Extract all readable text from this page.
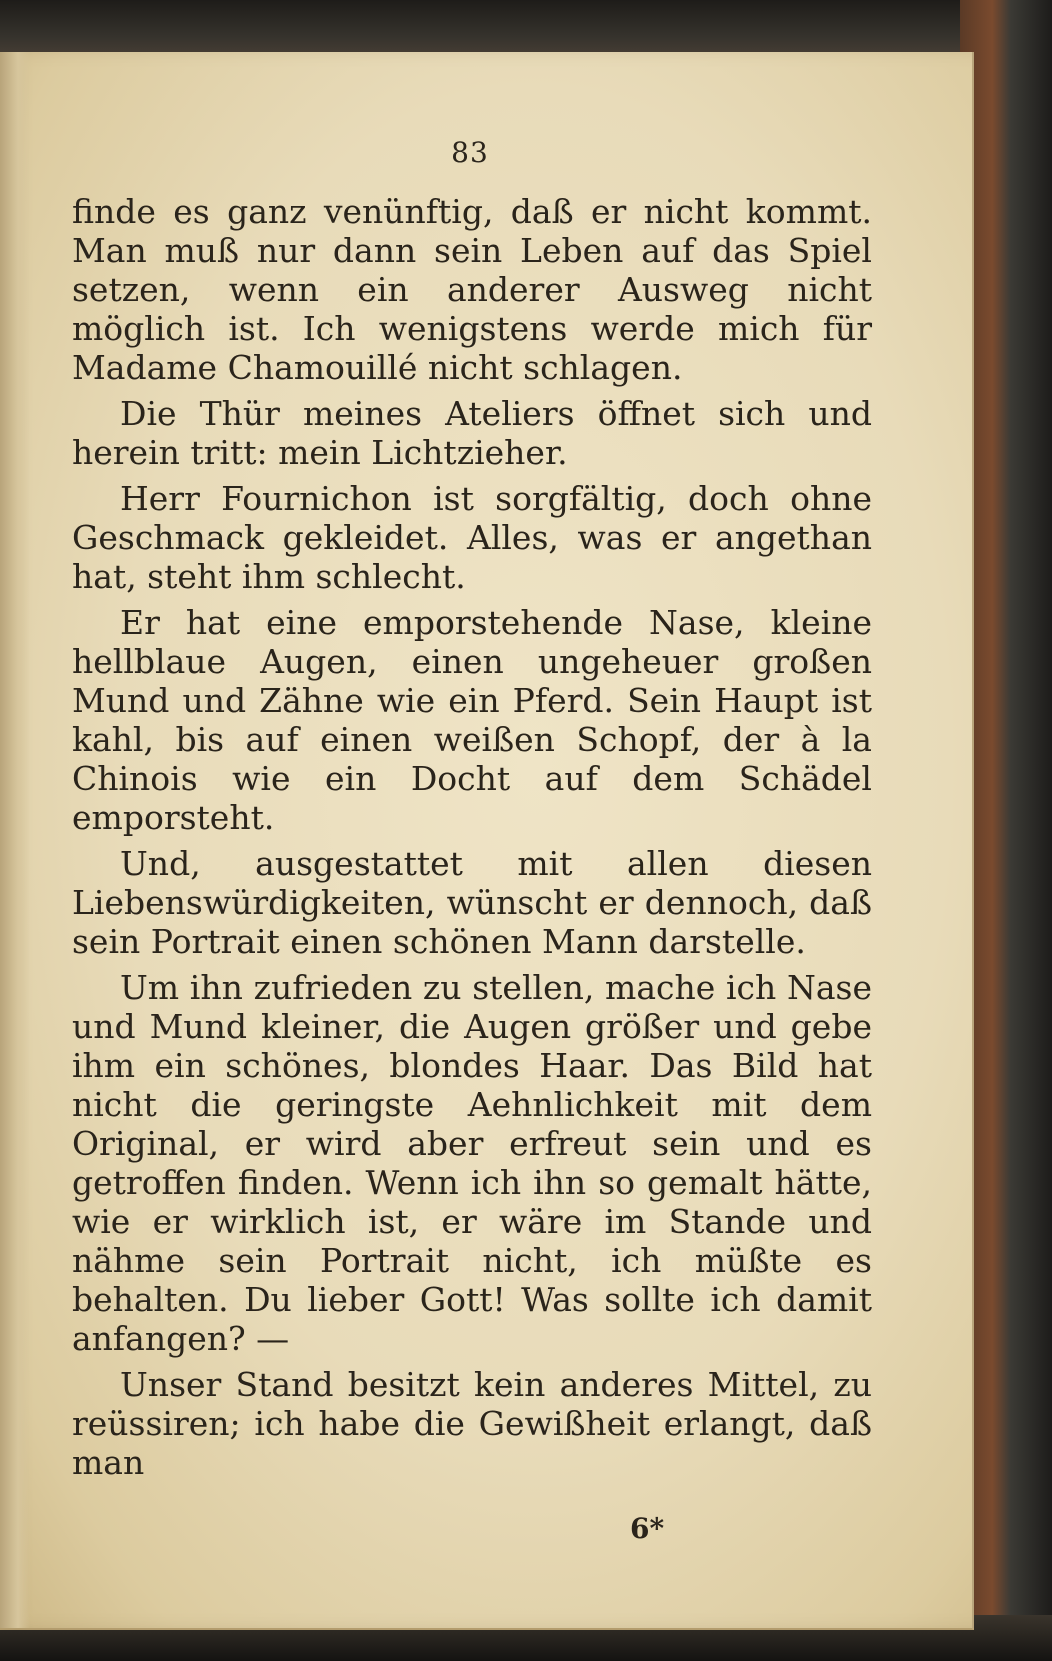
83

finde es ganz venünftig, daß er nicht kommt. Man muß nur dann sein Leben auf das Spiel setzen, wenn ein anderer Ausweg nicht möglich ist. Ich wenigstens werde mich für Madame Chamouillé nicht schlagen.

Die Thür meines Ateliers öffnet sich und herein tritt: mein Lichtzieher.

Herr Fournichon ist sorgfältig, doch ohne Geschmack gekleidet. Alles, was er angethan hat, steht ihm schlecht.

Er hat eine emporstehende Nase, kleine hellblaue Augen, einen ungeheuer großen Mund und Zähne wie ein Pferd. Sein Haupt ist kahl, bis auf einen weißen Schopf, der à la Chinois wie ein Docht auf dem Schädel emporsteht.

Und, ausgestattet mit allen diesen Liebenswürdigkeiten, wünscht er dennoch, daß sein Portrait einen schönen Mann darstelle.

Um ihn zufrieden zu stellen, mache ich Nase und Mund kleiner, die Augen größer und gebe ihm ein schönes, blondes Haar. Das Bild hat nicht die geringste Aehnlichkeit mit dem Original, er wird aber erfreut sein und es getroffen finden. Wenn ich ihn so gemalt hätte, wie er wirklich ist, er wäre im Stande und nähme sein Portrait nicht, ich müßte es behalten. Du lieber Gott! Was sollte ich damit anfangen? —

Unser Stand besitzt kein anderes Mittel, zu reüssiren; ich habe die Gewißheit erlangt, daß man

6*
